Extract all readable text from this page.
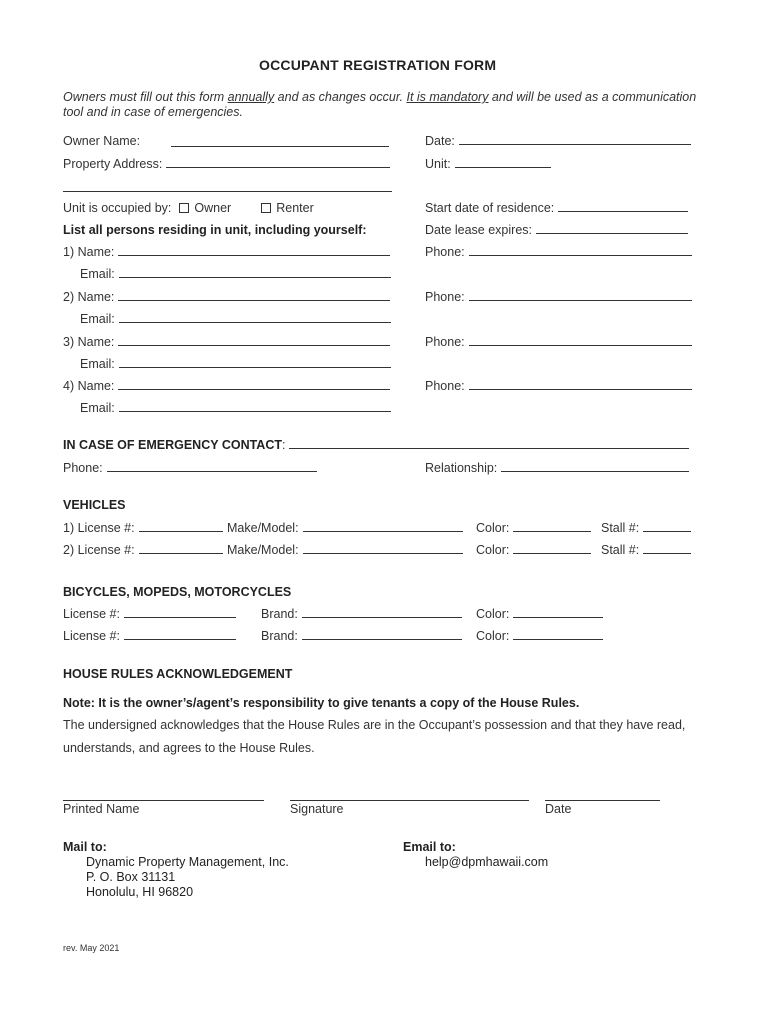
OCCUPANT REGISTRATION FORM
Owners must fill out this form annually and as changes occur. It is mandatory and will be used as a communication tool and in case of emergencies.
Owner Name:	Date:
Property Address:	Unit:
Unit is occupied by: Owner	Renter	Start date of residence:
List all persons residing in unit, including yourself:	Date lease expires:
1) Name:	Phone:
Email:
2) Name:	Phone:
Email:
3) Name:	Phone:
Email:
4) Name:	Phone:
Email:
IN CASE OF EMERGENCY CONTACT:
Phone:	Relationship:
VEHICLES
1) License #:	Make/Model:	Color:	Stall #:
2) License #:	Make/Model:	Color:	Stall #:
BICYCLES, MOPEDS, MOTORCYCLES
License #:	Brand:	Color:
License #:	Brand:	Color:
HOUSE RULES ACKNOWLEDGEMENT
Note: It is the owner’s/agent’s responsibility to give tenants a copy of the House Rules.
The undersigned acknowledges that the House Rules are in the Occupant’s possession and that they have read,
understands, and agrees to the House Rules.
Printed Name	Signature	Date
Mail to:
Dynamic Property Management, Inc.
P. O. Box 31131
Honolulu, HI 96820
Email to:
help@dpmhawaii.com
rev. May 2021
